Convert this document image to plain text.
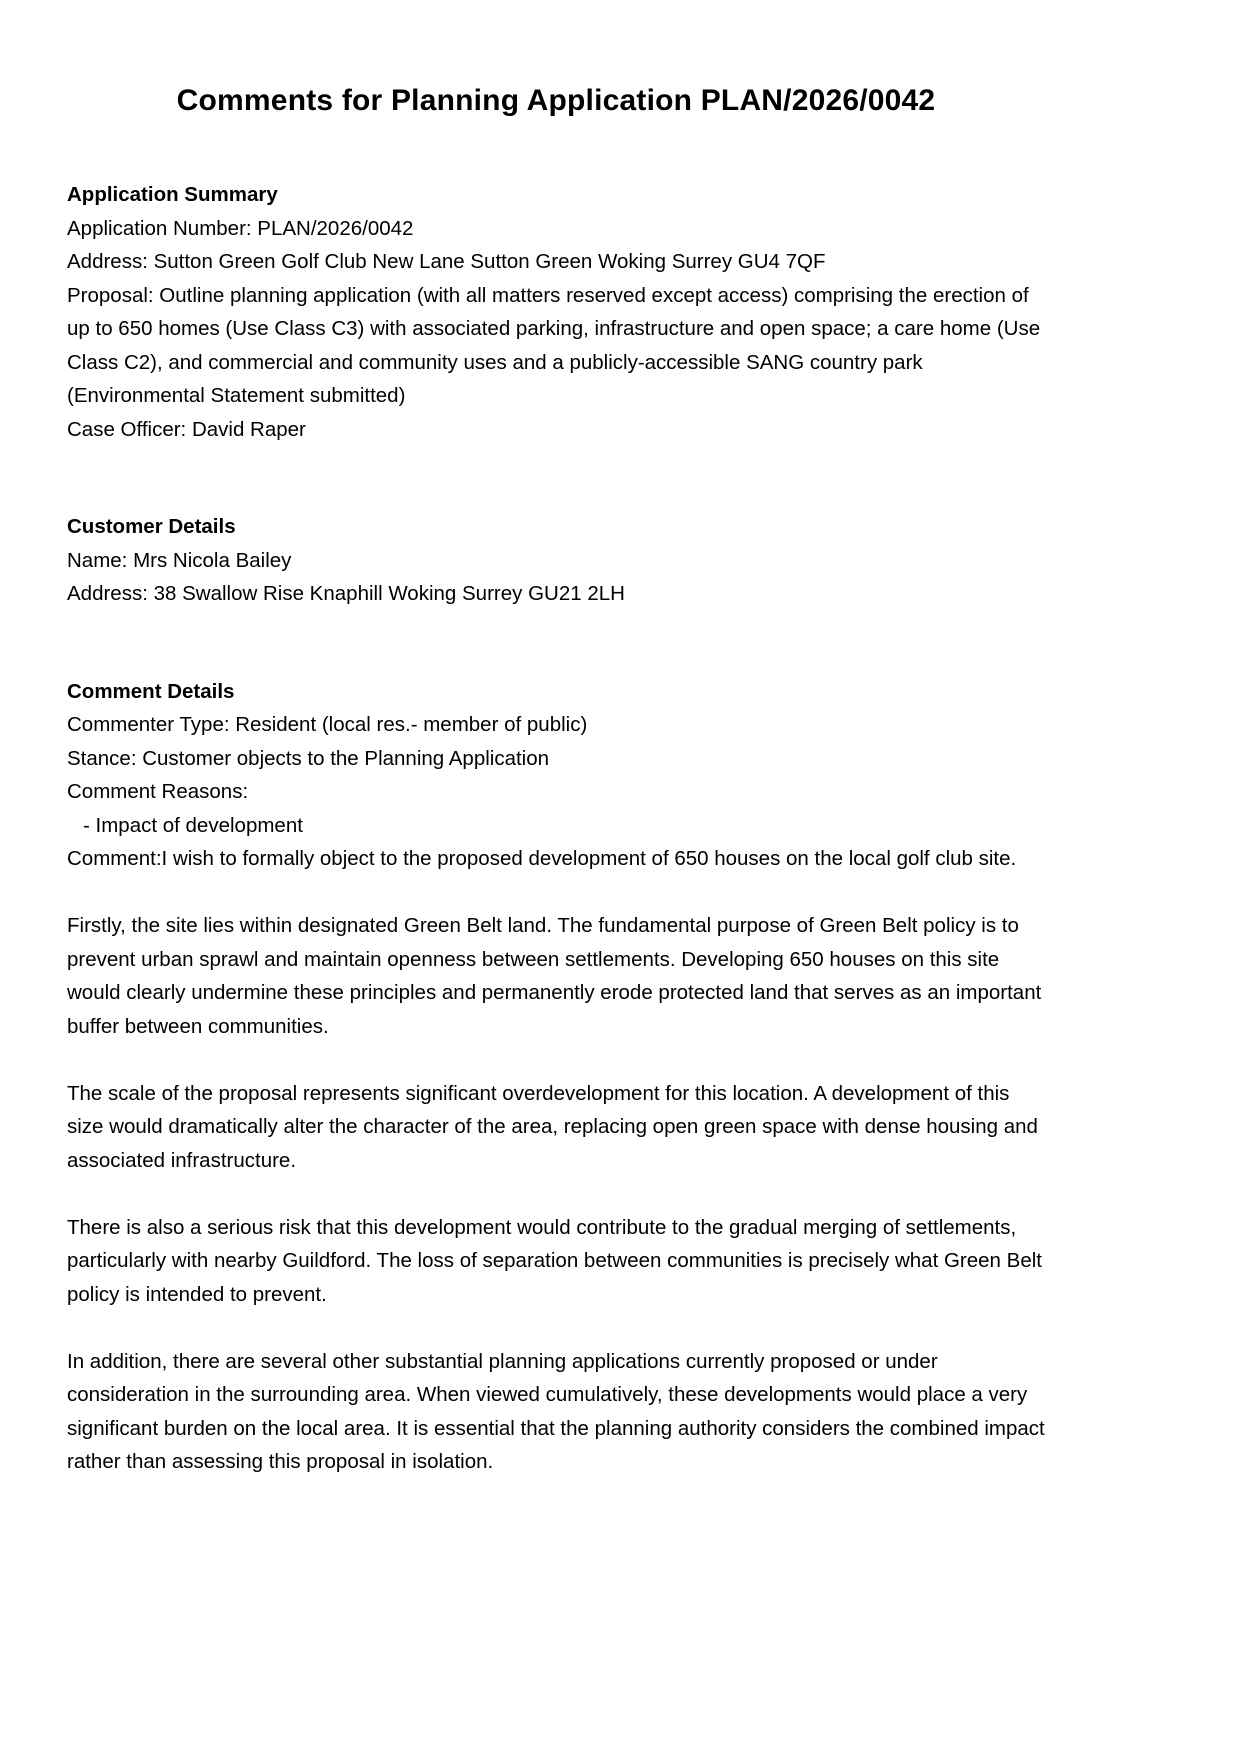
Comments for Planning Application PLAN/2026/0042

Application Summary

Application Number: PLAN/2026/0042

Address: Sutton Green Golf Club New Lane Sutton Green Woking Surrey GU4 7QF

Proposal: Outline planning application (with all matters reserved except access) comprising the erection of up to 650 homes (Use Class C3) with associated parking, infrastructure and open space; a care home (Use Class C2), and commercial and community uses and a publicly-accessible SANG country park (Environmental Statement submitted)

Case Officer: David Raper

Customer Details

Name: Mrs Nicola Bailey

Address: 38 Swallow Rise Knaphill Woking Surrey GU21 2LH

Comment Details

Commenter Type: Resident (local res.- member of public)

Stance: Customer objects to the Planning Application

Comment Reasons:

- Impact of development

Comment:I wish to formally object to the proposed development of 650 houses on the local golf club site.

Firstly, the site lies within designated Green Belt land. The fundamental purpose of Green Belt policy is to prevent urban sprawl and maintain openness between settlements. Developing 650 houses on this site would clearly undermine these principles and permanently erode protected land that serves as an important buffer between communities.

The scale of the proposal represents significant overdevelopment for this location. A development of this size would dramatically alter the character of the area, replacing open green space with dense housing and associated infrastructure.

There is also a serious risk that this development would contribute to the gradual merging of settlements, particularly with nearby Guildford. The loss of separation between communities is precisely what Green Belt policy is intended to prevent.

In addition, there are several other substantial planning applications currently proposed or under consideration in the surrounding area. When viewed cumulatively, these developments would place a very significant burden on the local area. It is essential that the planning authority considers the combined impact rather than assessing this proposal in isolation.
